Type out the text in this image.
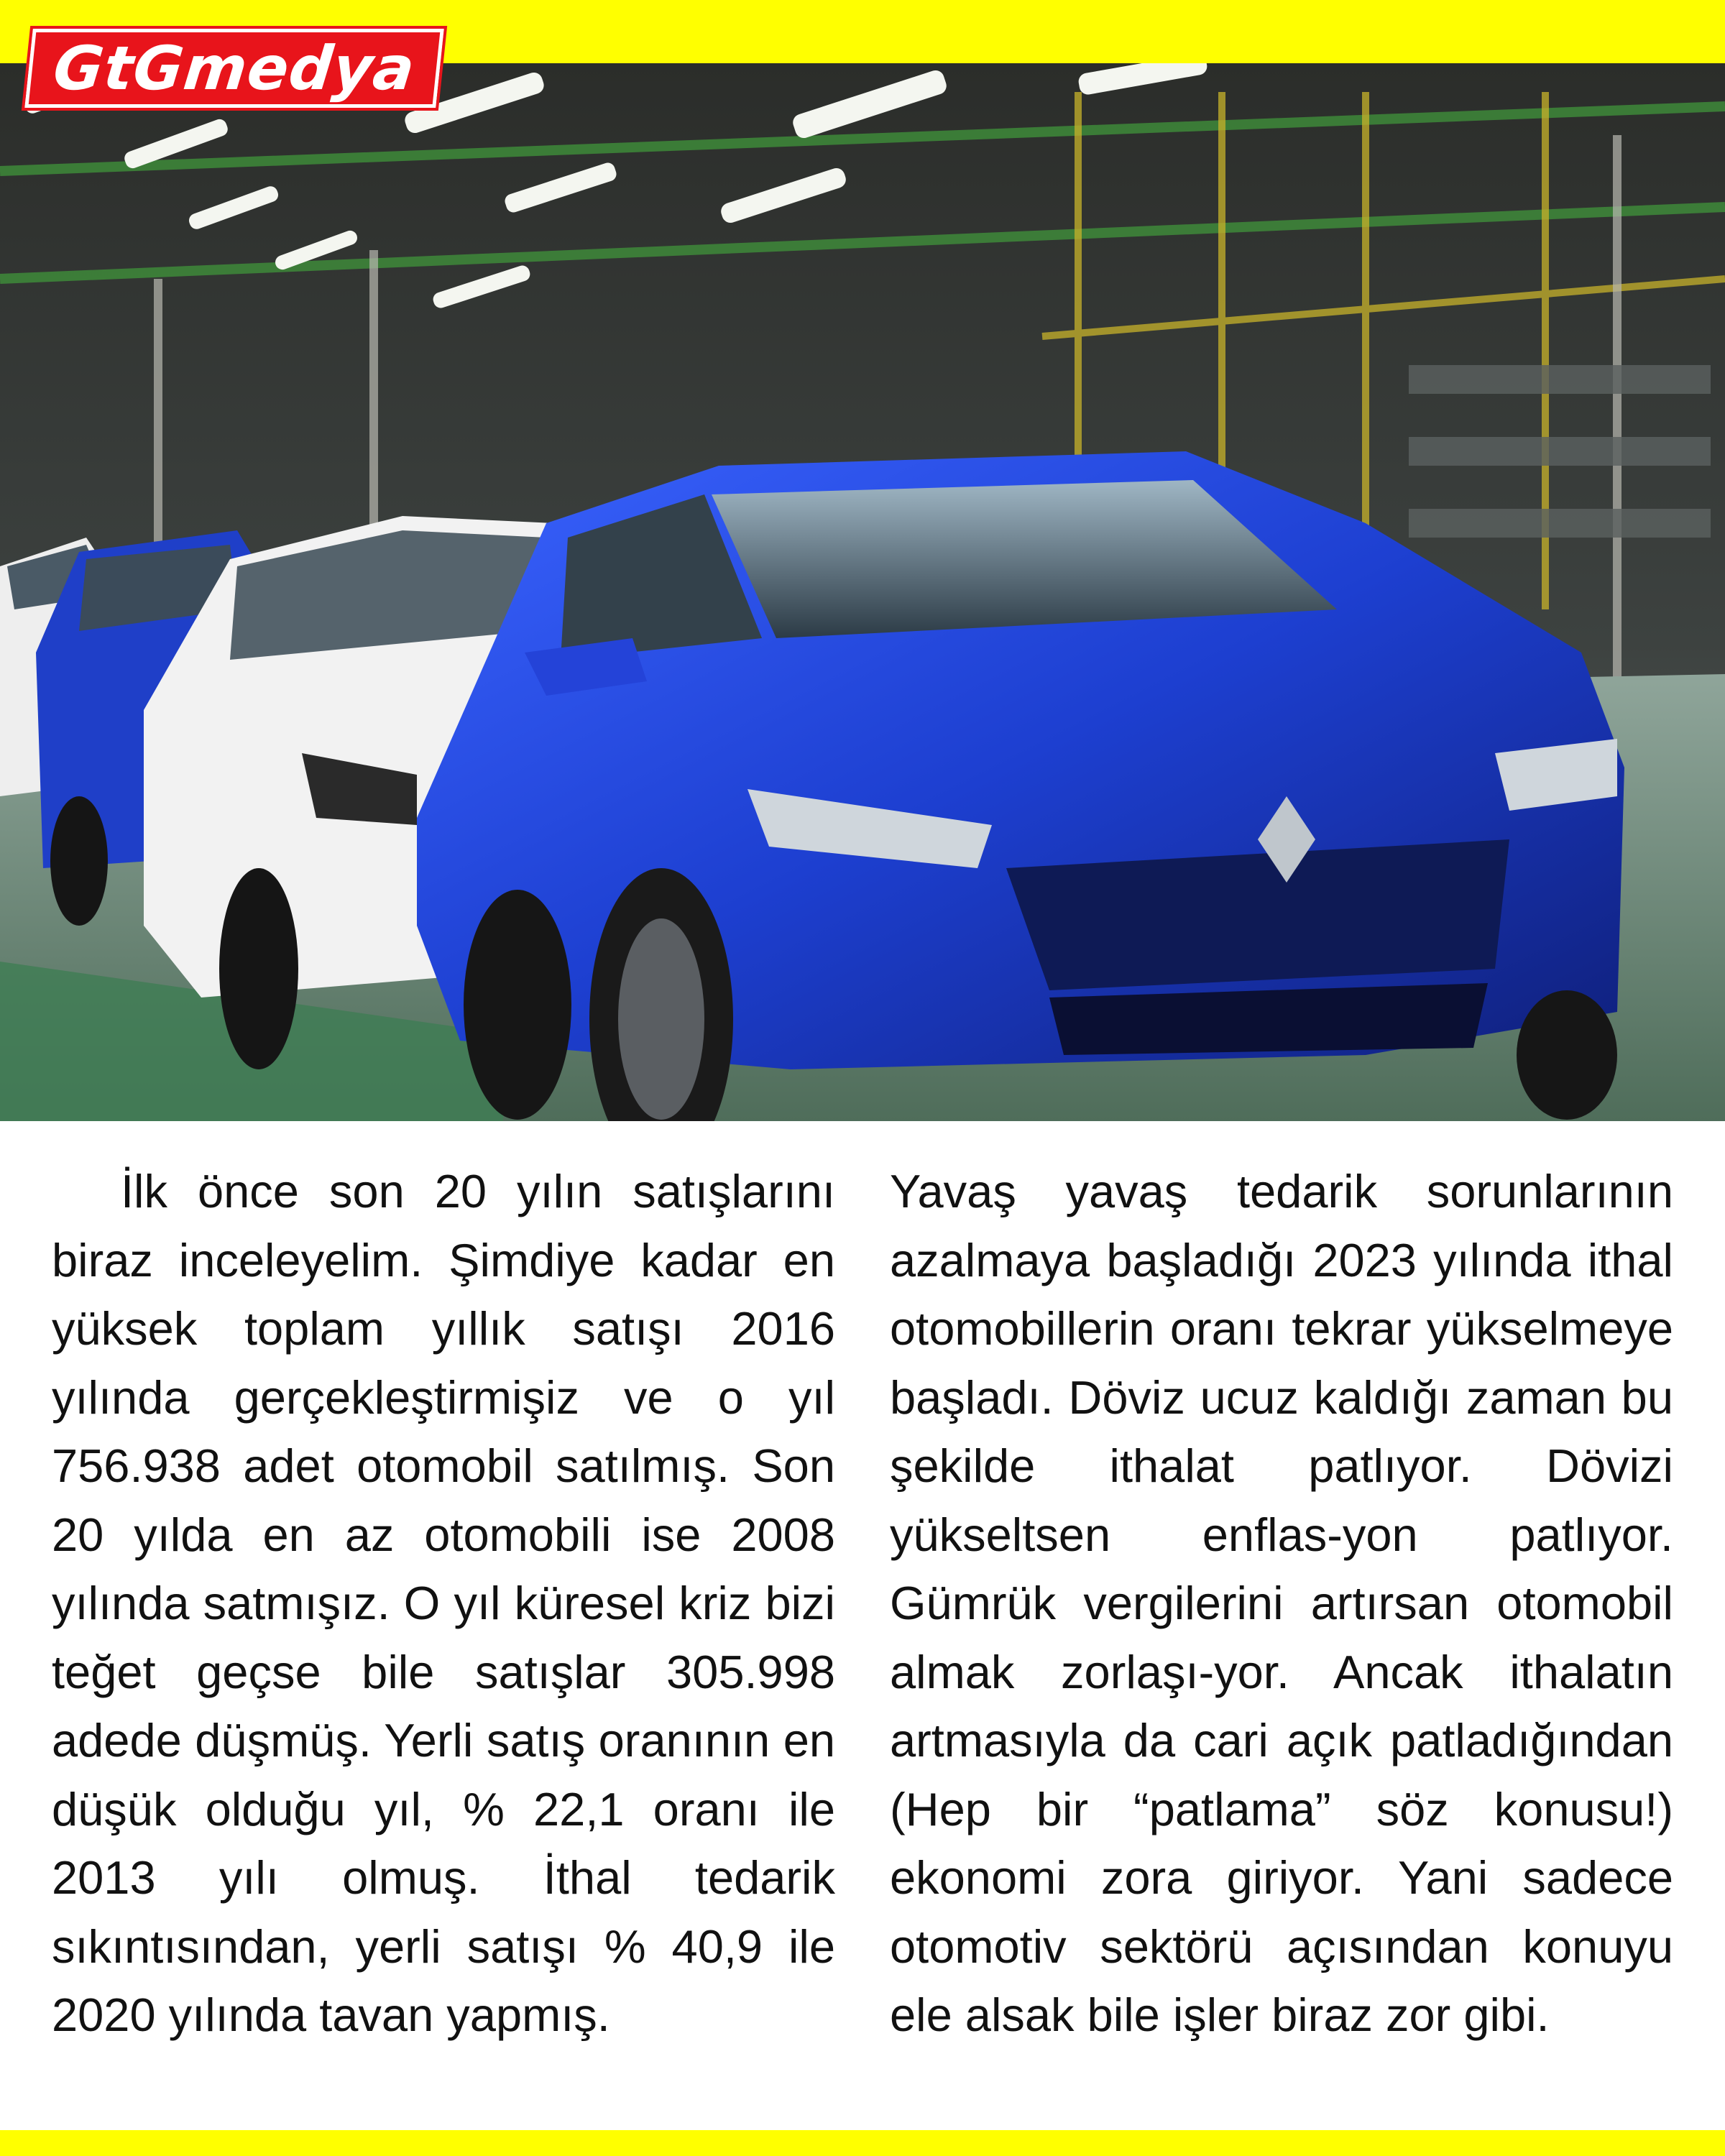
GtGmedya

İlk önce son 20 yılın satışlarını biraz inceleyelim. Şimdiye kadar en yüksek toplam yıllık satışı 2016 yılında gerçekleştirmişiz ve o yıl 756.938 adet otomobil satılmış. Son 20 yılda en az otomobili ise 2008 yılında satmışız. O yıl küresel kriz bizi teğet geçse bile satışlar 305.998 adede düşmüş. Yerli satış oranının en düşük olduğu yıl, % 22,1 oranı ile 2013 yılı olmuş. İthal tedarik sıkıntısından, yerli satışı % 40,9 ile 2020 yılında tavan yapmış.

Yavaş yavaş tedarik sorunlarının azalmaya başladığı 2023 yılında ithal otomobillerin oranı tekrar yükselmeye başladı. Döviz ucuz kaldığı zaman bu şekilde ithalat patlıyor. Dövizi yükseltsen enflas-yon patlıyor. Gümrük vergilerini artırsan otomobil almak zorlaşı-yor. Ancak ithalatın artmasıyla da cari açık patladığından (Hep bir “patlama” söz konusu!) ekonomi zora giriyor. Yani sadece otomotiv sektörü açısından konuyu ele alsak bile işler biraz zor gibi.
